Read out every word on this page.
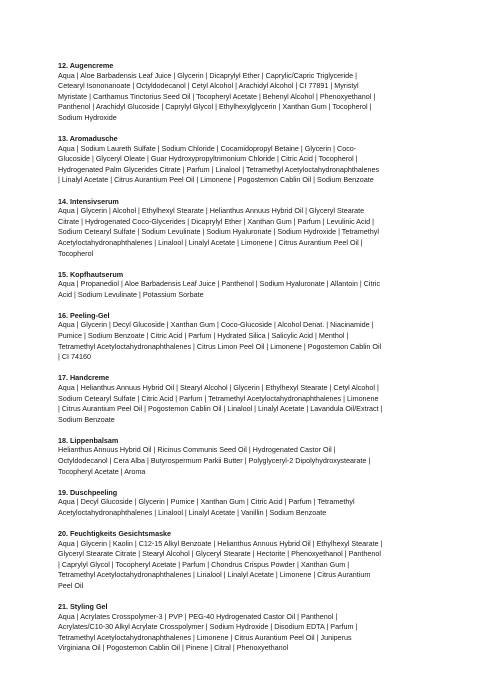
12. Augencreme

Aqua | Aloe Barbadensis Leaf Juice | Glycerin | Dicaprylyl Ether | Caprylic/Capric Triglyceride |

Cetearyl Isononanoate | Octyldodecanol | Cetyl Alcohol | Arachidyl Alcohol | CI 77891 | Myristyl

Myristate | Carthamus Tinctorius Seed Oil | Tocopheryl Acetate | Behenyl Alcohol | Phenoxyethanol |

Panthenol | Arachidyl Glucoside | Caprylyl Glycol | Ethylhexylglycerin | Xanthan Gum | Tocopherol |

Sodium Hydroxide

13. Aromadusche

Aqua | Sodium Laureth Sulfate | Sodium Chloride | Cocamidopropyl Betaine | Glycerin | Coco-

Glucoside | Glyceryl Oleate | Guar Hydroxypropyltrimonium Chloride | Citric Acid | Tocopherol |

Hydrogenated Palm Glycerides Citrate | Parfum | Linalool | Tetramethyl Acetyloctahydronaphthalenes

| Linalyl Acetate | Citrus Aurantium Peel Oil | Limonene | Pogostemon Cablin Oil | Sodium Benzoate

14. Intensivserum

Aqua | Glycerin | Alcohol | Ethylhexyl Stearate | Helianthus Annuus Hybrid Oil | Glyceryl Stearate

Citrate | Hydrogenated Coco-Glycerides | Dicaprylyl Ether | Xanthan Gum | Parfum | Levulinic Acid |

Sodium Cetearyl Sulfate | Sodium Levulinate | Sodium Hyaluronate | Sodium Hydroxide | Tetramethyl

Acetyloctahydronaphthalenes | Linalool | Linalyl Acetate | Limonene | Citrus Aurantium Peel Oil |

Tocopherol

15. Kopfhautserum

Aqua | Propanediol | Aloe Barbadensis Leaf Juice | Panthenol | Sodium Hyaluronate | Allantoin | Citric

Acid | Sodium Levulinate | Potassium Sorbate

16. Peeling-Gel

Aqua | Glycerin | Decyl Glucoside | Xanthan Gum | Coco-Glucoside | Alcohol Denat. | Niacinamide |

Pumice | Sodium Benzoate | Citric Acid | Parfum | Hydrated Silica | Salicylic Acid | Menthol |

Tetramethyl Acetyloctahydronaphthalenes | Citrus Limon Peel Oil | Limonene | Pogostemon Cablin Oil

| CI 74160

17. Handcreme

Aqua | Helianthus Annuus Hybrid Oil | Stearyl Alcohol | Glycerin | Ethylhexyl Stearate | Cetyl Alcohol |

Sodium Cetearyl Sulfate | Citric Acid | Parfum | Tetramethyl Acetyloctahydronaphthalenes | Limonene

| Citrus Aurantium Peel Oil | Pogostemon Cablin Oil | Linalool | Linalyl Acetate | Lavandula Oil/Extract |

Sodium Benzoate

18. Lippenbalsam

Helianthus Annuus Hybrid Oil | Ricinus Communis Seed Oil | Hydrogenated Castor Oil |

Octyldodecanol | Cera Alba | Butyrospermum Parkii Butter | Polyglyceryl-2 Dipolyhydroxystearate |

Tocopheryl Acetate | Aroma

19. Duschpeeling

Aqua | Decyl Glucoside | Glycerin | Pumice | Xanthan Gum | Citric Acid | Parfum | Tetramethyl

Acetyloctahydronaphthalenes | Linalool | Linalyl Acetate | Vanillin | Sodium Benzoate

20. Feuchtigkeits Gesichtsmaske

Aqua | Glycerin | Kaolin | C12-15 Alkyl Benzoate | Helianthus Annuus Hybrid Oil | Ethylhexyl Stearate |

Glyceryl Stearate Citrate | Stearyl Alcohol | Glyceryl Stearate | Hectorite | Phenoxyethanol | Panthenol

| Caprylyl Glycol | Tocopheryl Acetate | Parfum | Chondrus Crispus Powder | Xanthan Gum |

Tetramethyl Acetyloctahydronaphthalenes | Linalool | Linalyl Acetate | Limonene | Citrus Aurantium

Peel Oil

21. Styling Gel

Aqua | Acrylates Crosspolymer-3 | PVP | PEG-40 Hydrogenated Castor Oil | Panthenol |

Acrylates/C10-30 Alkyl Acrylate Crosspolymer | Sodium Hydroxide | Disodium EDTA | Parfum |

Tetramethyl Acetyloctahydronaphthalenes | Limonene | Citrus Aurantium Peel Oil | Juniperus

Virginiana Oil | Pogostemon Cablin Oil | Pinene | Citral | Phenoxyethanol
